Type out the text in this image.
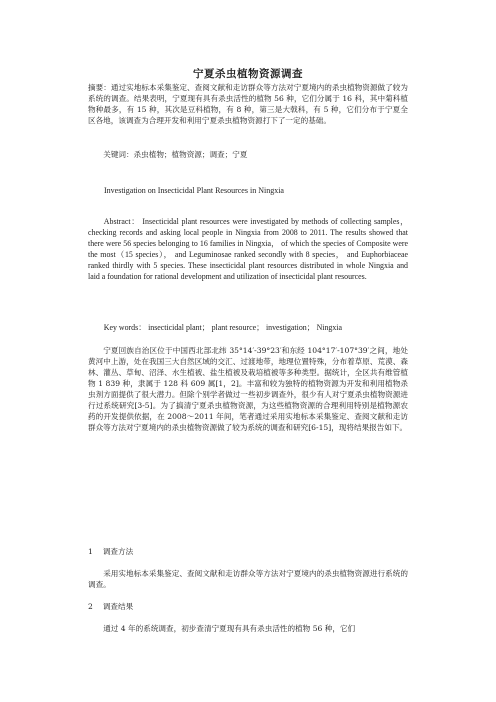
宁夏杀虫植物资源调查

摘要：通过实地标本采集鉴定、查阅文献和走访群众等方法对宁夏境内的杀虫植物资源做了较为系统的调查。结果表明，宁夏现有具有杀虫活性的植物 56 种，它们分属于 16 科，其中菊科植物种最多，有 15 种，其次是豆科植物，有 8 种，第三是大戟科，有 5 种，它们分布于宁夏全区各地，该调查为合理开发和利用宁夏杀虫植物资源打下了一定的基础。

关键词：杀虫植物；植物资源；调查；宁夏

Investigation on Insecticidal Plant Resources in Ningxia

Abstract： Insecticidal plant resources were investigated by methods of collecting samples， checking records and asking local people in Ningxia from 2008 to 2011. The results showed that there were 56 species belonging to 16 families in Ningxia， of which the species of Composite were the most（15 species）， and Leguminosae ranked secondly with 8 species， and Euphorbiaceae ranked thirdly with 5 species. These insecticidal plant resources distributed in whole Ningxia and laid a foundation for rational development and utilization of insecticidal plant resources.

Key words： insecticidal plant； plant resource； investigation； Ningxia

宁夏回族自治区位于中国西北部北纬 35°14′-39°23′和东经 104°17′-107°39′之间，地处黄河中上游，处在我国三大自然区域的交汇、过渡地带，地理位置特殊，分布着草原、荒漠、森林、灌丛、草甸、沼泽、水生植被、盐生植被及栽培植被等多种类型。据统计，全区共有维管植物 1 839 种，隶属于 128 科 609 属[1，2]。丰富和较为独特的植物资源为开发和利用植物杀虫剂方面提供了很大潜力。但除个别学者做过一些初步调查外，很少有人对宁夏杀虫植物资源进行过系统研究[3-5]。为了搞清宁夏杀虫植物资源，为这些植物资源的合理利用特别是植物源农药的开发提供依据，在 2008～2011 年间，笔者通过采用实地标本采集鉴定、查阅文献和走访群众等方法对宁夏境内的杀虫植物资源做了较为系统的调查和研究[6-15]，现将结果报告如下。

1 调查方法

采用实地标本采集鉴定、查阅文献和走访群众等方法对宁夏境内的杀虫植物资源进行系统的调查。

2 调查结果

通过 4 年的系统调查，初步查清宁夏现有具有杀虫活性的植物 56 种，它们
